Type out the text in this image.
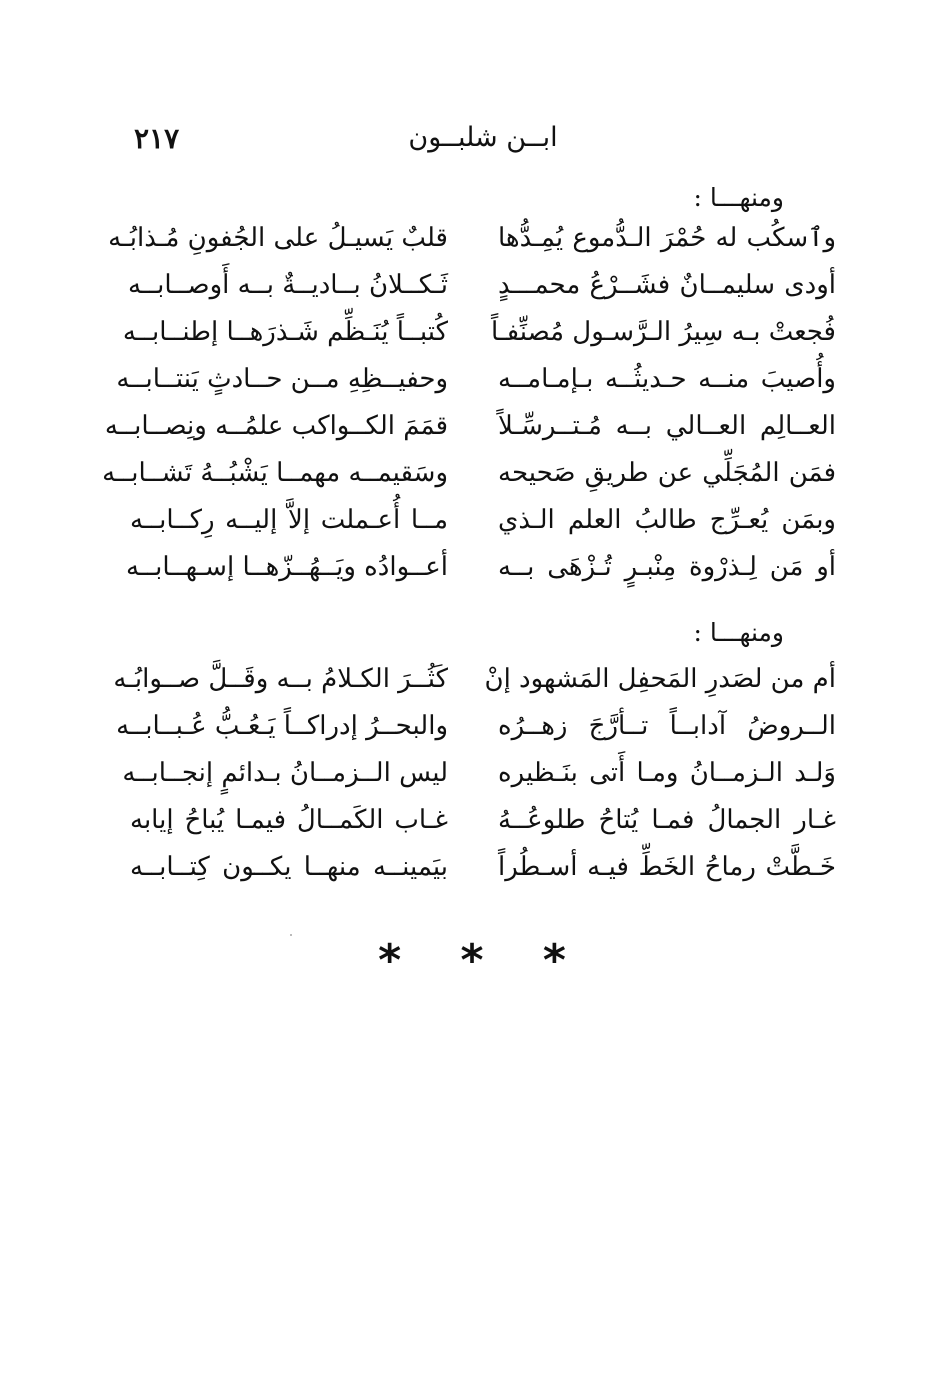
٢١٧	ابــن شلبــون
ومنهـــا :
وٱسكُب له حُمْرَ الـدُّموع يُمِـدُّها
قلبٌ يَسيـلُ على الجُفونِ مُـذابُـه
أودى سليمــانٌ فشَــرْعُ محمـــدٍ
ثَـكــلانُ بــاديــةٌ بــه أَوصــابــه
فُجعتْ بـه سِيرُ الـرَّسـول مُصنِّفـاً
كُتبــاً يُنَـظِّم شَـذرَهــا إطنــابــه
وأُصيبَ منــه حـديثُــه بـإمـامــه
وحفيــظِهِ مــن حــادثٍ يَنتــابــه
العــالِم العــالي بــه مُـتــرسِّـلاً
قمَمَ الكــواكب علمُــه ونِصــابــه
فمَن المُجَلِّي عن طريقِ صَحيحه
وسَقيمــه مهمــا يَشْبُــهُ تَشــابــه
وبمَن يُعـرِّج طالبُ العلم الـذي
مــا أُعـملت إلاَّ إليــه رِكــابــه
أو مَن لِـذرْوة مِنْبـرٍ تُـزْهَى بــه
أعــوادُه ويَــهُــزّهــا إسـهــابــه
ومنهـــا :
أم من لصَدرِ المَحفِل المَشهود إنْ
كَثُــرَ الكـلامُ بــه وقَــلَّ صــوابُـه
الــروضُ آدابــاً تــأرَّجَ زهــرُه
والبحــرُ إدراكــاً يَـعُـبُّ عُـبــابــه
وَلـد الـزمــانُ ومـا أَتى بنَـظيره
ليس الــزمــانُ بـدائمٍ إنجــابــه
غـار الجمالُ فمـا يُتاحُ طلوعُــهُ
غـاب الكَمــالُ فيمـا يُباحُ إيابه
خَـطَّتْ رماحُ الخَطِّ فيـه أسـطُراً
بيَمينــه منهــا يكــون كِتــابــه
* * *
